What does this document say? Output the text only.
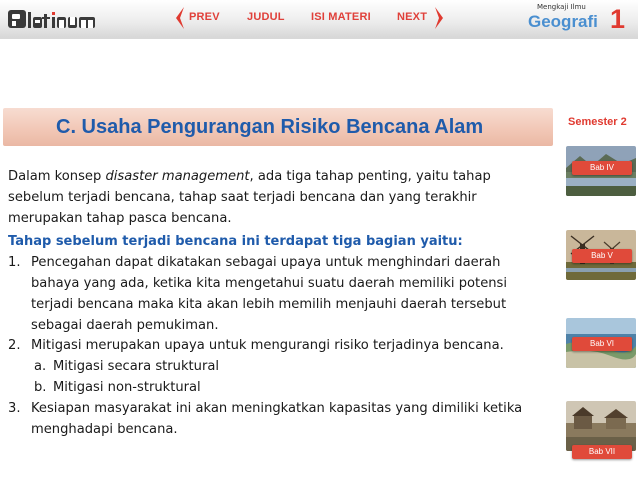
PREV JUDUL ISI MATERI NEXT
Mengkaji Ilmu
Geografi 1
C. Usaha Pengurangan Risiko Bencana Alam

Dalam konsep disaster management, ada tiga tahap penting, yaitu tahap sebelum terjadi bencana, tahap saat terjadi bencana dan yang terakhir merupakan tahap pasca bencana.

Tahap sebelum terjadi bencana ini terdapat tiga bagian yaitu:

1. Pencegahan dapat dikatakan sebagai upaya untuk menghindari daerah bahaya yang ada, ketika kita mengetahui suatu daerah memiliki potensi terjadi bencana maka kita akan lebih memilih menjauhi daerah tersebut sebagai daerah pemukiman.
2. Mitigasi merupakan upaya untuk mengurangi risiko terjadinya bencana.
a. Mitigasi secara struktural
b. Mitigasi non-struktural
3. Kesiapan masyarakat ini akan meningkatkan kapasitas yang dimiliki ketika menghadapi bencana.
Semester 2
Bab IV
Bab V
Bab VI
Bab VII
